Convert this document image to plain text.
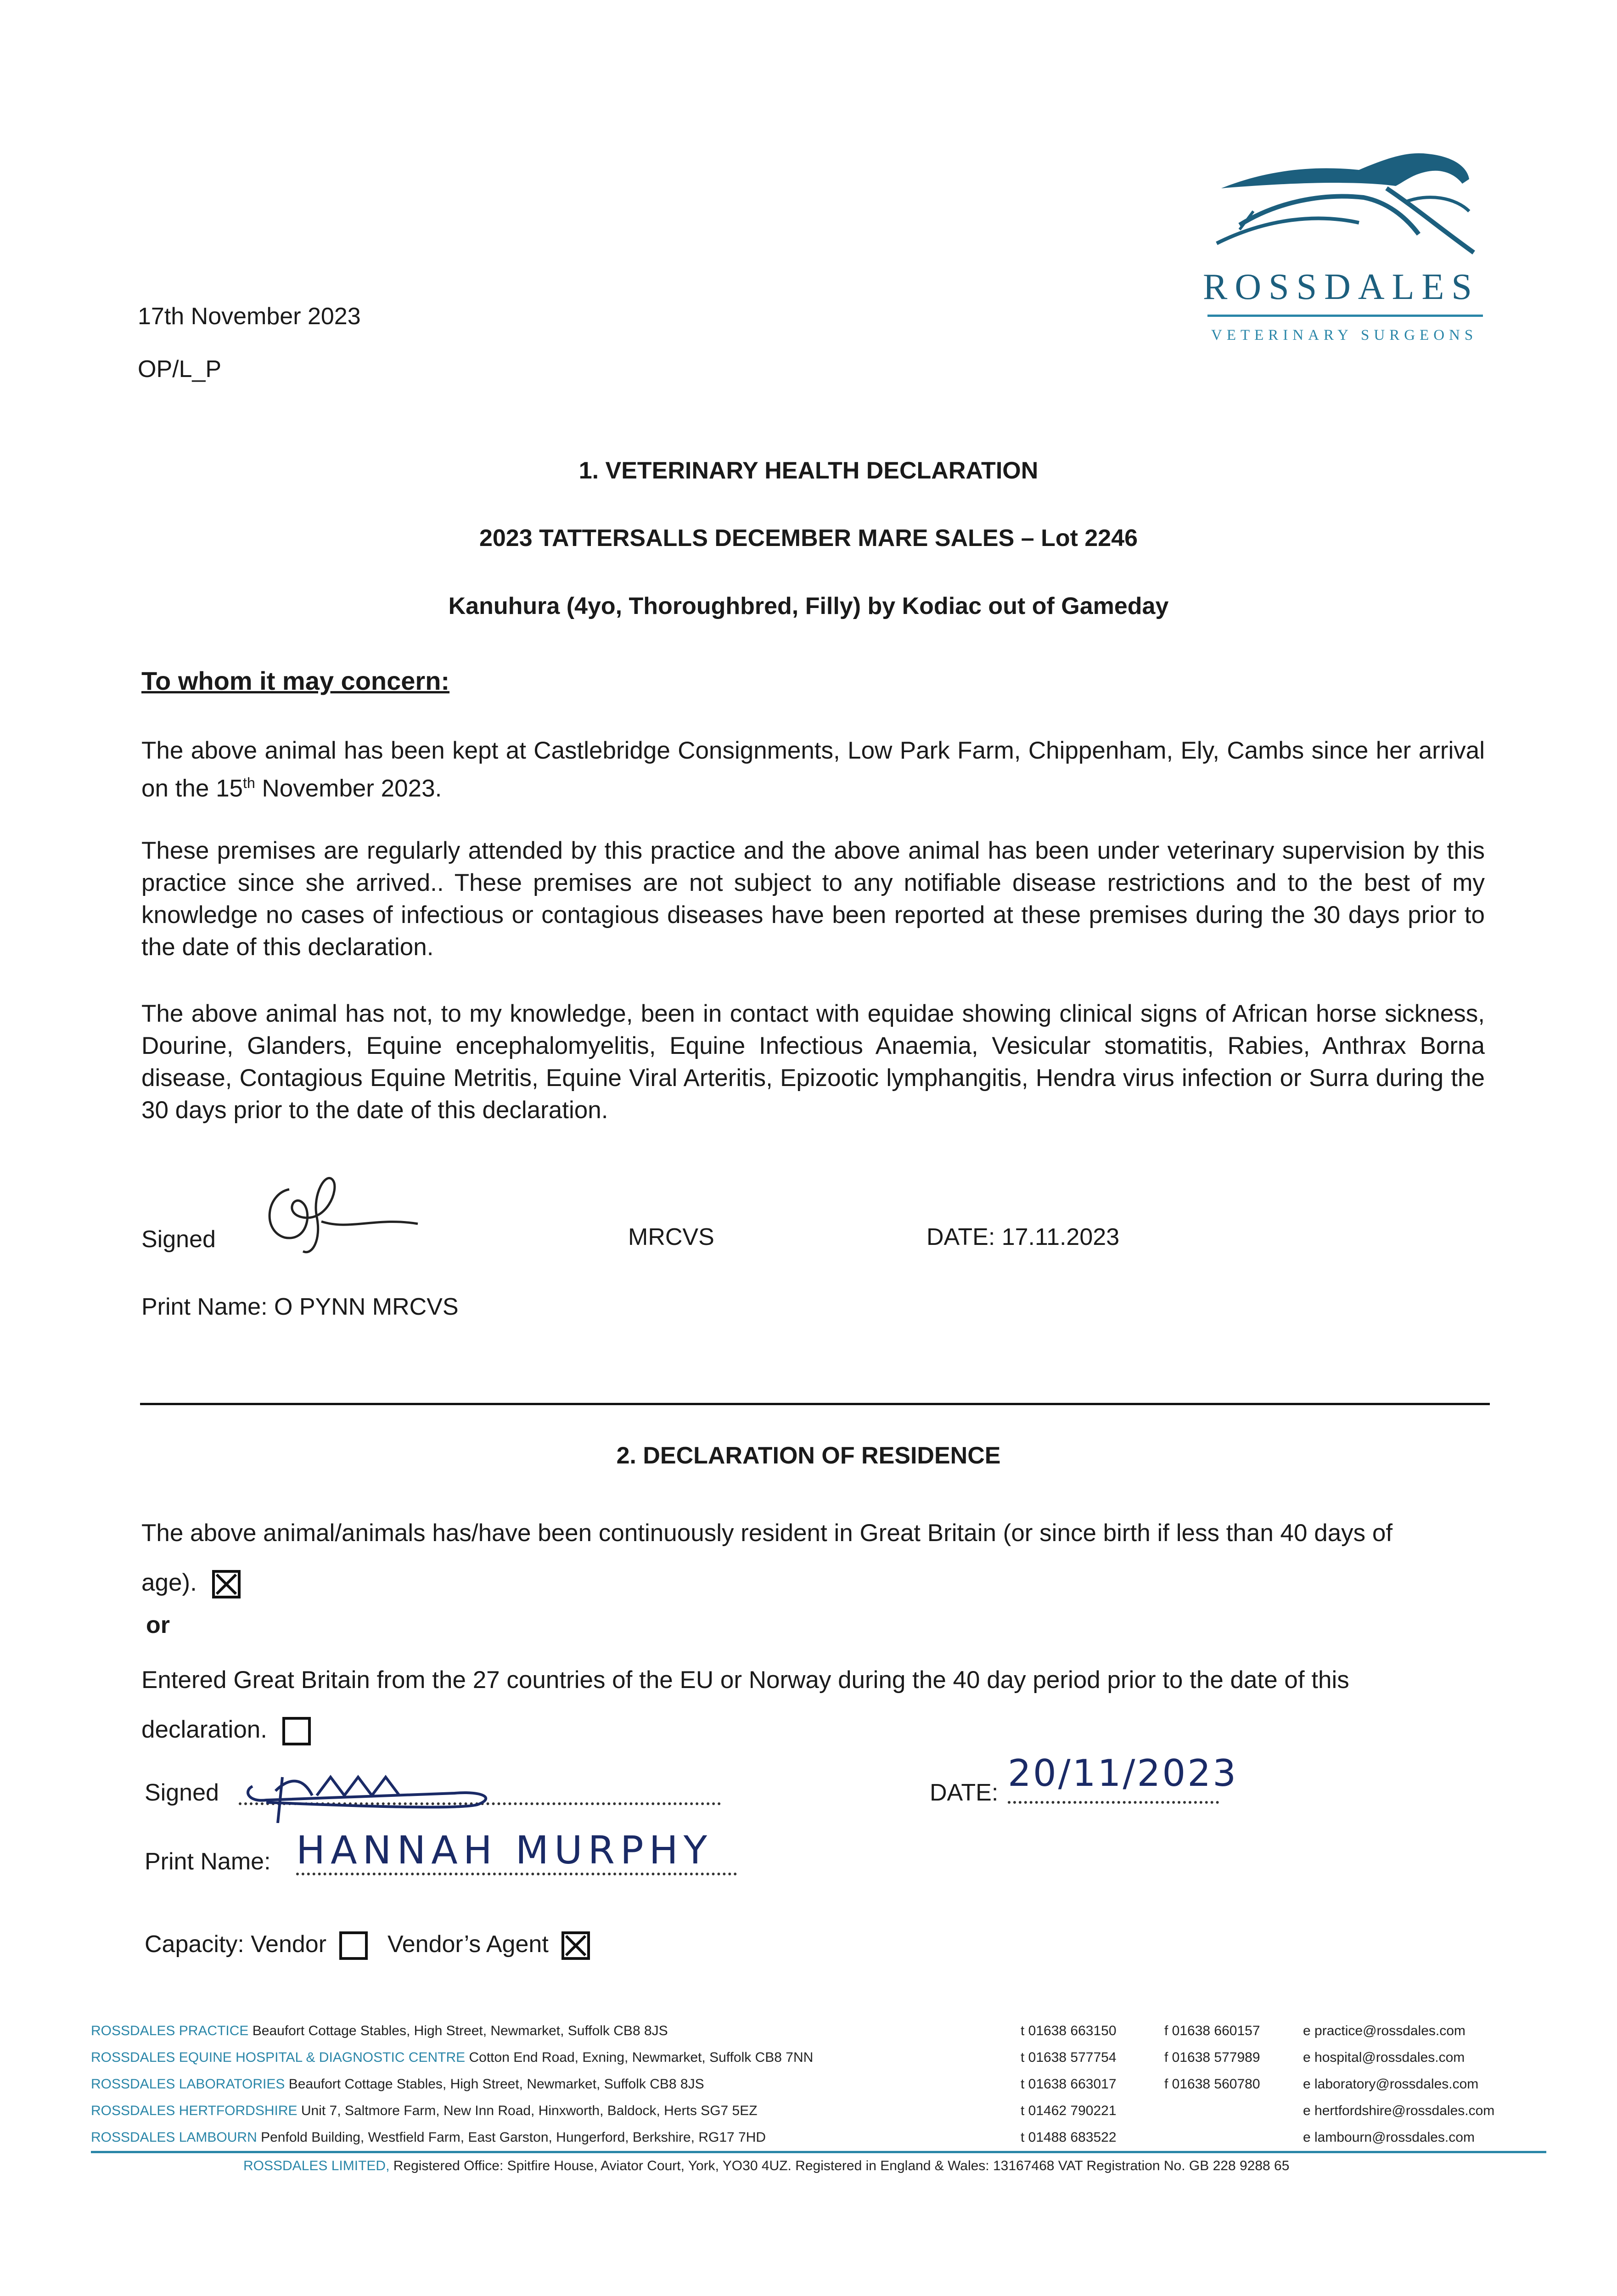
ROSSDALES
VETERINARY SURGEONS
17th November 2023
OP/L_P
1. VETERINARY HEALTH DECLARATION
2023 TATTERSALLS DECEMBER MARE SALES – Lot 2246
Kanuhura (4yo, Thoroughbred, Filly) by Kodiac out of Gameday
To whom it may concern:
The above animal has been kept at Castlebridge Consignments, Low Park Farm, Chippenham, Ely, Cambs since her arrival on the 15th November 2023.
These premises are regularly attended by this practice and the above animal has been under veterinary supervision by this practice since she arrived.. These premises are not subject to any notifiable disease restrictions and to the best of my knowledge no cases of infectious or contagious diseases have been reported at these premises during the 30 days prior to the date of this declaration.
The above animal has not, to my knowledge, been in contact with equidae showing clinical signs of African horse sickness, Dourine, Glanders, Equine encephalomyelitis, Equine Infectious Anaemia, Vesicular stomatitis, Rabies, Anthrax Borna disease, Contagious Equine Metritis, Equine Viral Arteritis, Epizootic lymphangitis, Hendra virus infection or Surra during the 30 days prior to the date of this declaration.
Signed	MRCVS	DATE: 17.11.2023
Print Name: O PYNN MRCVS
2. DECLARATION OF RESIDENCE
The above animal/animals has/have been continuously resident in Great Britain (or since birth if less than 40 days of age).
or
Entered Great Britain from the 27 countries of the EU or Norway during the 40 day period prior to the date of this declaration.
Signed	DATE: 20/11/2023
Print Name: HANNAH MURPHY
Capacity: Vendor	Vendor’s Agent
ROSSDALES PRACTICE Beaufort Cottage Stables, High Street, Newmarket, Suffolk CB8 8JS	t 01638 663150	f 01638 660157	e practice@rossdales.com
ROSSDALES EQUINE HOSPITAL & DIAGNOSTIC CENTRE Cotton End Road, Exning, Newmarket, Suffolk CB8 7NN	t 01638 577754	f 01638 577989	e hospital@rossdales.com
ROSSDALES LABORATORIES Beaufort Cottage Stables, High Street, Newmarket, Suffolk CB8 8JS	t 01638 663017	f 01638 560780	e laboratory@rossdales.com
ROSSDALES HERTFORDSHIRE Unit 7, Saltmore Farm, New Inn Road, Hinxworth, Baldock, Herts SG7 5EZ	t 01462 790221	e hertfordshire@rossdales.com
ROSSDALES LAMBOURN Penfold Building, Westfield Farm, East Garston, Hungerford, Berkshire, RG17 7HD	t 01488 683522	e lambourn@rossdales.com
ROSSDALES LIMITED, Registered Office: Spitfire House, Aviator Court, York, YO30 4UZ. Registered in England & Wales: 13167468 VAT Registration No. GB 228 9288 65
